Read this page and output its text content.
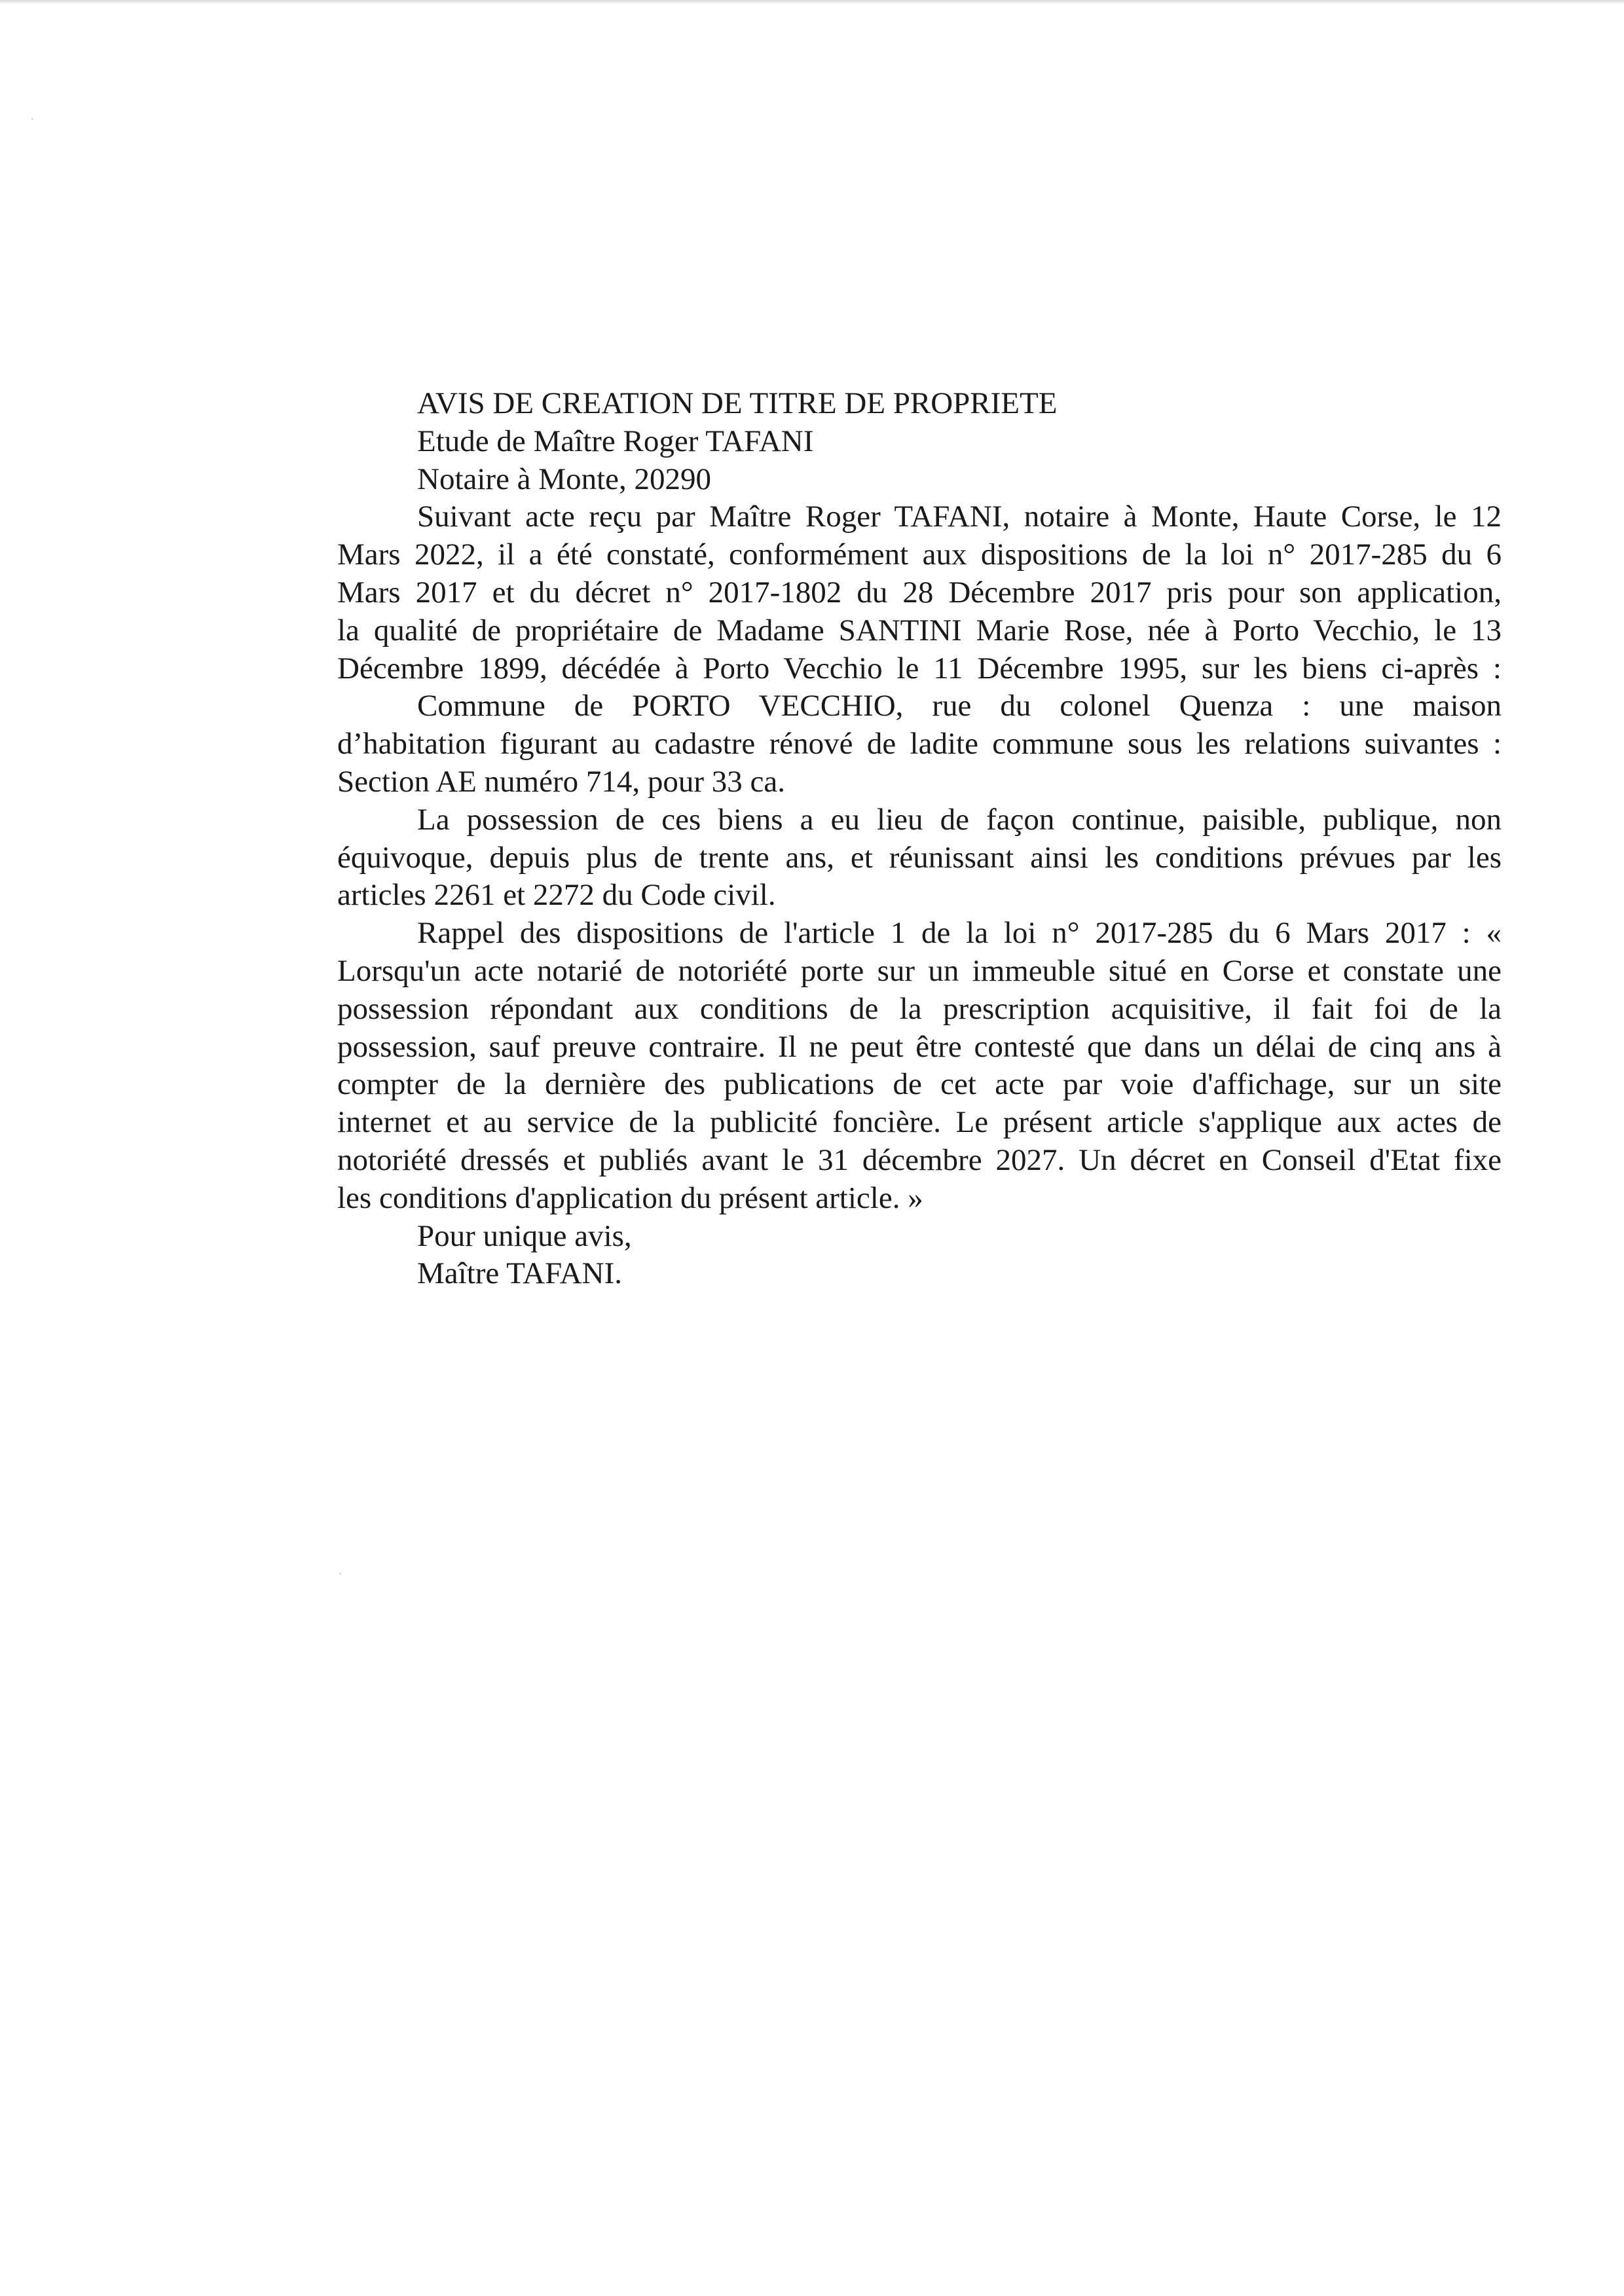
AVIS DE CREATION DE TITRE DE PROPRIETE
Etude de Maître Roger TAFANI
Notaire à Monte, 20290
Suivant acte reçu par Maître Roger TAFANI, notaire à Monte, Haute Corse, le 12
Mars 2022, il a été constaté, conformément aux dispositions de la loi n° 2017-285 du 6
Mars 2017 et du décret n° 2017-1802 du 28 Décembre 2017 pris pour son application,
la qualité de propriétaire de Madame SANTINI Marie Rose, née à Porto Vecchio, le 13
Décembre 1899, décédée à Porto Vecchio le 11 Décembre 1995, sur les biens ci-après :
Commune de PORTO VECCHIO, rue du colonel Quenza : une maison
d’habitation figurant au cadastre rénové de ladite commune sous les relations suivantes :
Section AE numéro 714, pour 33 ca.
La possession de ces biens a eu lieu de façon continue, paisible, publique, non
équivoque, depuis plus de trente ans, et réunissant ainsi les conditions prévues par les
articles 2261 et 2272 du Code civil.
Rappel des dispositions de l'article 1 de la loi n° 2017-285 du 6 Mars 2017 : «
Lorsqu'un acte notarié de notoriété porte sur un immeuble situé en Corse et constate une
possession répondant aux conditions de la prescription acquisitive, il fait foi de la
possession, sauf preuve contraire. Il ne peut être contesté que dans un délai de cinq ans à
compter de la dernière des publications de cet acte par voie d'affichage, sur un site
internet et au service de la publicité foncière. Le présent article s'applique aux actes de
notoriété dressés et publiés avant le 31 décembre 2027. Un décret en Conseil d'Etat fixe
les conditions d'application du présent article. »
Pour unique avis,
Maître TAFANI.
